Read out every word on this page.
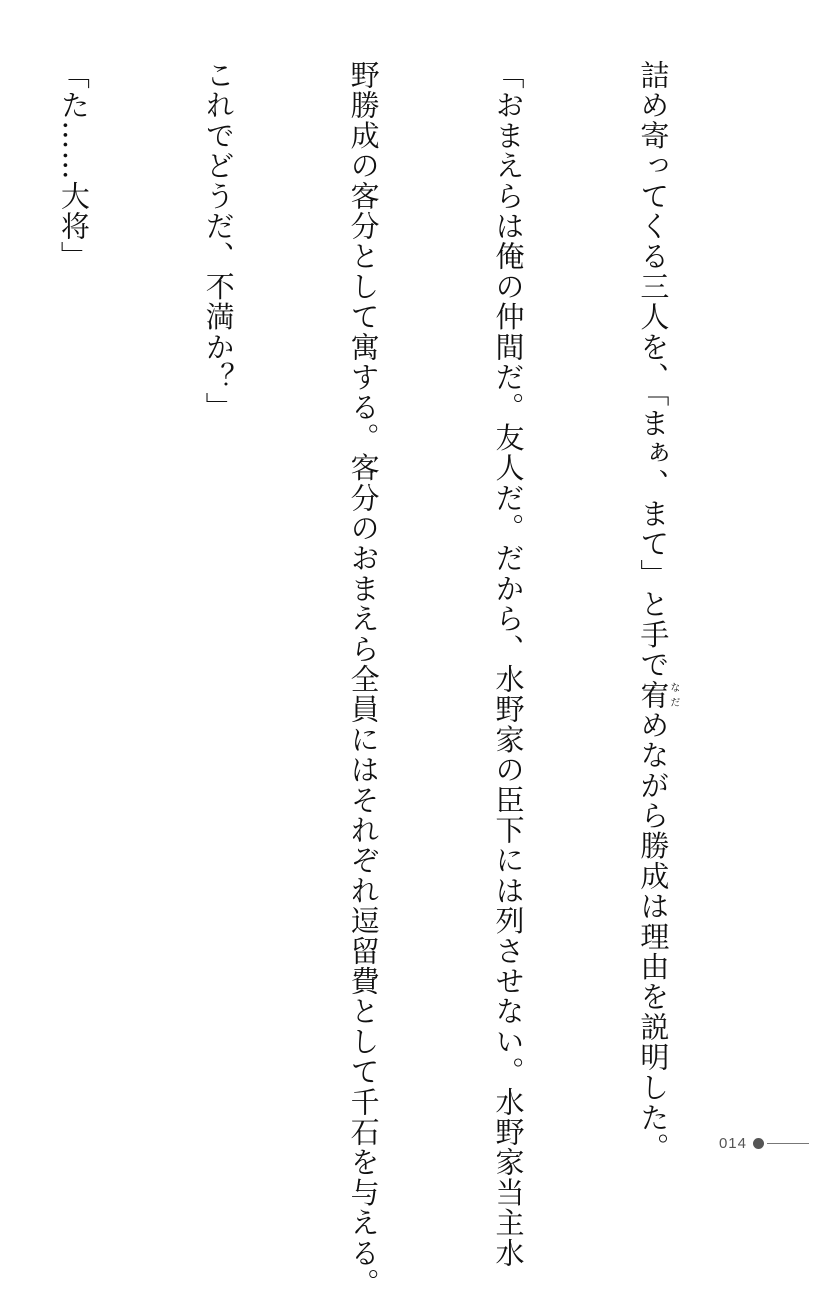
詰め寄ってくる三人を、「まぁ、まて」と手で宥なだめながら勝成は理由を説明した。

「おまえらは俺の仲間だ。友人だ。だから、水野家の臣下には列させない。水野家当主水

野勝成の客分として寓する。客分のおまえら全員にはそれぞれ逗留費として千石を与える。

これでどうだ、不満か？」

「た……大将」

014
